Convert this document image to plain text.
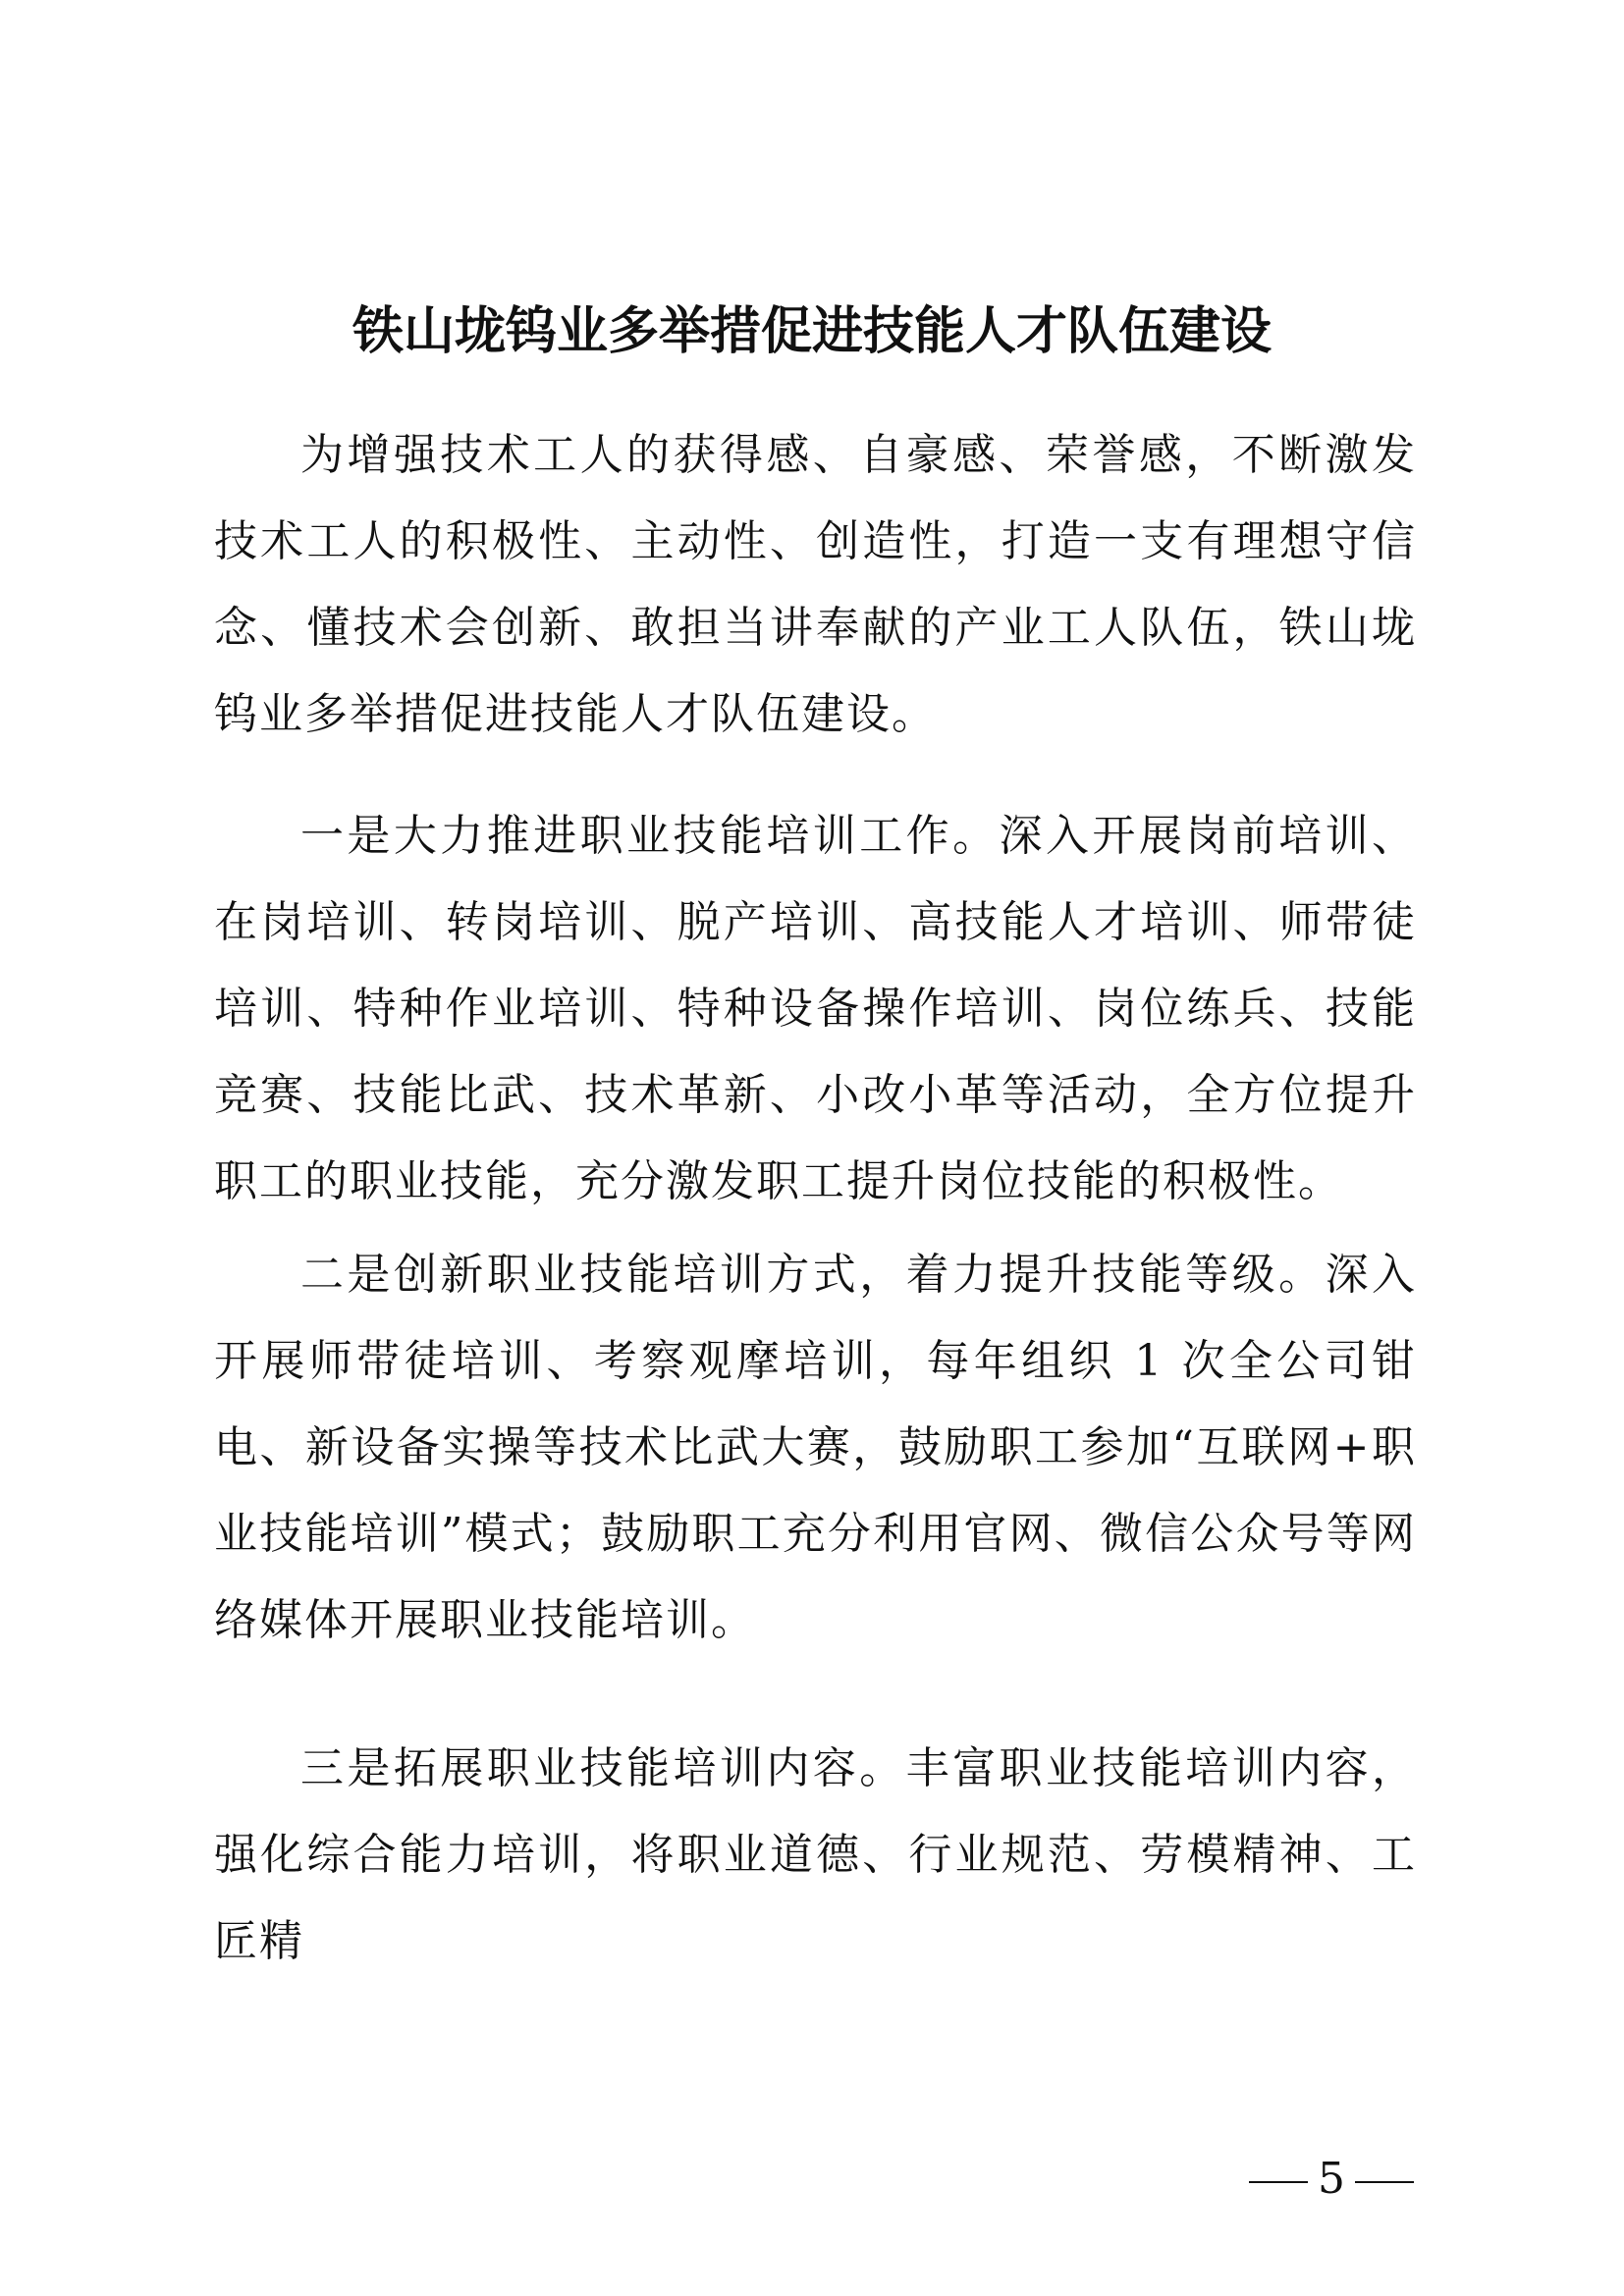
铁山垅钨业多举措促进技能人才队伍建设

为增强技术工人的获得感、自豪感、荣誉感，不断激发技术工人的积极性、主动性、创造性，打造一支有理想守信念、懂技术会创新、敢担当讲奉献的产业工人队伍，铁山垅钨业多举措促进技能人才队伍建设。

一是大力推进职业技能培训工作。深入开展岗前培训、在岗培训、转岗培训、脱产培训、高技能人才培训、师带徒培训、特种作业培训、特种设备操作培训、岗位练兵、技能竞赛、技能比武、技术革新、小改小革等活动，全方位提升职工的职业技能，充分激发职工提升岗位技能的积极性。

二是创新职业技能培训方式，着力提升技能等级。深入开展师带徒培训、考察观摩培训，每年组织 1 次全公司钳电、新设备实操等技术比武大赛，鼓励职工参加“互联网+职业技能培训”模式；鼓励职工充分利用官网、微信公众号等网络媒体开展职业技能培训。

三是拓展职业技能培训内容。丰富职业技能培训内容，强化综合能力培训，将职业道德、行业规范、劳模精神、工匠精

5
